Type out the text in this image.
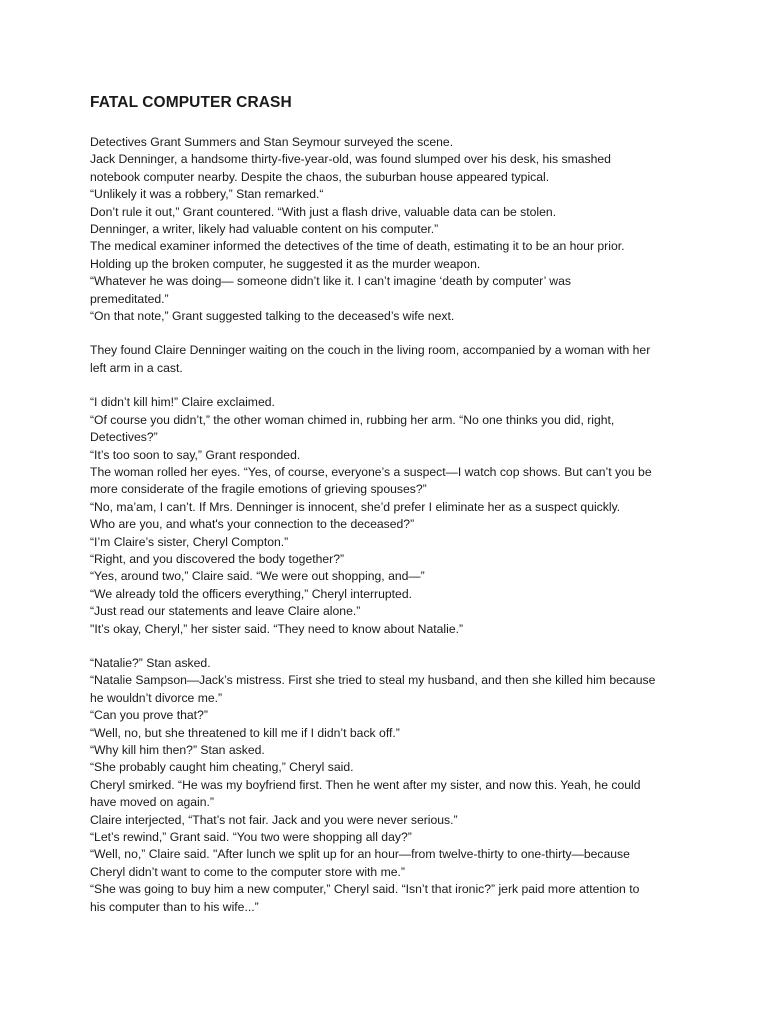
FATAL COMPUTER CRASH
Detectives Grant Summers and Stan Seymour surveyed the scene.
Jack Denninger, a handsome thirty-five-year-old, was found slumped over his desk, his smashed
notebook computer nearby. Despite the chaos, the suburban house appeared typical.
“Unlikely it was a robbery,” Stan remarked.“
Don’t rule it out,” Grant countered. “With just a flash drive, valuable data can be stolen.
Denninger, a writer, likely had valuable content on his computer.”
The medical examiner informed the detectives of the time of death, estimating it to be an hour prior.
Holding up the broken computer, he suggested it as the murder weapon.
“Whatever he was doing— someone didn’t like it. I can’t imagine ‘death by computer’ was
premeditated.”
“On that note,” Grant suggested talking to the deceased’s wife next.
They found Claire Denninger waiting on the couch in the living room, accompanied by a woman with her
left arm in a cast.
“I didn’t kill him!” Claire exclaimed.
“Of course you didn’t,” the other woman chimed in, rubbing her arm. “No one thinks you did, right,
Detectives?”
“It’s too soon to say,” Grant responded.
The woman rolled her eyes. “Yes, of course, everyone’s a suspect—I watch cop shows. But can’t you be
more considerate of the fragile emotions of grieving spouses?”
“No, ma’am, I can’t. If Mrs. Denninger is innocent, she’d prefer I eliminate her as a suspect quickly.
Who are you, and what's your connection to the deceased?”
“I’m Claire’s sister, Cheryl Compton.”
“Right, and you discovered the body together?”
“Yes, around two,” Claire said. “We were out shopping, and—”
“We already told the officers everything,” Cheryl interrupted.
“Just read our statements and leave Claire alone.”
"It’s okay, Cheryl,” her sister said. “They need to know about Natalie.”
“Natalie?” Stan asked.
“Natalie Sampson—Jack’s mistress. First she tried to steal my husband, and then she killed him because
he wouldn’t divorce me.”
“Can you prove that?”
“Well, no, but she threatened to kill me if I didn’t back off.”
“Why kill him then?” Stan asked.
“She probably caught him cheating,” Cheryl said.
Cheryl smirked. “He was my boyfriend first. Then he went after my sister, and now this. Yeah, he could
have moved on again.”
Claire interjected, “That’s not fair. Jack and you were never serious.”
“Let’s rewind,” Grant said. “You two were shopping all day?”
“Well, no,” Claire said. "After lunch we split up for an hour—from twelve-thirty to one-thirty—because
Cheryl didn’t want to come to the computer store with me.”
“She was going to buy him a new computer,” Cheryl said. “Isn’t that ironic?” jerk paid more attention to
his computer than to his wife...”
